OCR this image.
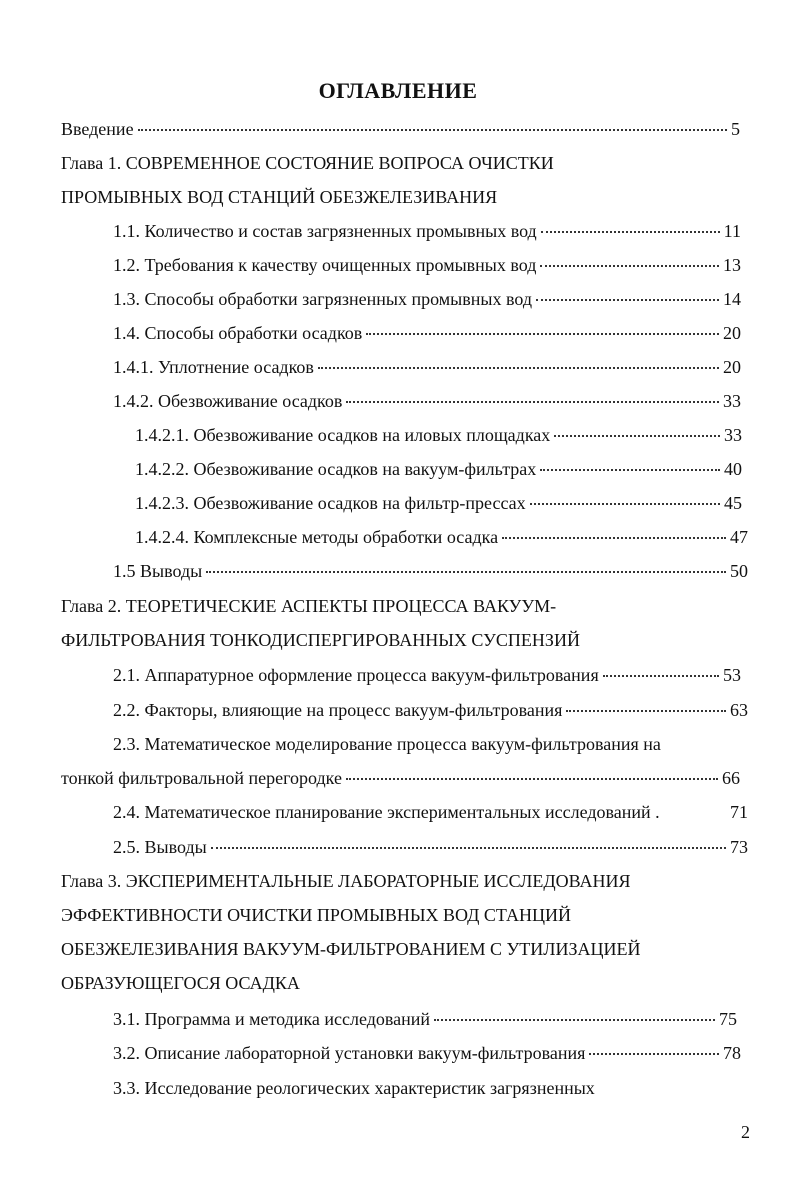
ОГЛАВЛЕНИЕ
Введение	5
Глава 1. СОВРЕМЕННОЕ СОСТОЯНИЕ ВОПРОСА ОЧИСТКИ
ПРОМЫВНЫХ ВОД СТАНЦИЙ ОБЕЗЖЕЛЕЗИВАНИЯ
1.1. Количество и состав загрязненных промывных вод	11
1.2. Требования к качеству очищенных промывных вод	13
1.3. Способы обработки загрязненных промывных вод	14
1.4. Способы обработки осадков	20
1.4.1. Уплотнение осадков	20
1.4.2. Обезвоживание осадков	33
1.4.2.1. Обезвоживание осадков на иловых площадках	33
1.4.2.2. Обезвоживание осадков на вакуум-фильтрах	40
1.4.2.3. Обезвоживание осадков на фильтр-прессах	45
1.4.2.4. Комплексные методы обработки осадка	47
1.5 Выводы	50
Глава 2. ТЕОРЕТИЧЕСКИЕ АСПЕКТЫ ПРОЦЕССА ВАКУУМ-
ФИЛЬТРОВАНИЯ ТОНКОДИСПЕРГИРОВАННЫХ СУСПЕНЗИЙ
2.1. Аппаратурное оформление процесса вакуум-фильтрования	53
2.2. Факторы, влияющие на процесс вакуум-фильтрования	63
2.3. Математическое моделирование процесса вакуум-фильтрования на
тонкой фильтровальной перегородке	66
2.4. Математическое планирование экспериментальных исследований .	71
2.5. Выводы	73
Глава 3. ЭКСПЕРИМЕНТАЛЬНЫЕ ЛАБОРАТОРНЫЕ ИССЛЕДОВАНИЯ
ЭФФЕКТИВНОСТИ ОЧИСТКИ ПРОМЫВНЫХ ВОД СТАНЦИЙ
ОБЕЗЖЕЛЕЗИВАНИЯ ВАКУУМ-ФИЛЬТРОВАНИЕМ С УТИЛИЗАЦИЕЙ
ОБРАЗУЮЩЕГОСЯ ОСАДКА
3.1. Программа и методика исследований	75
3.2. Описание лабораторной установки вакуум-фильтрования	78
3.3. Исследование реологических характеристик загрязненных
2
